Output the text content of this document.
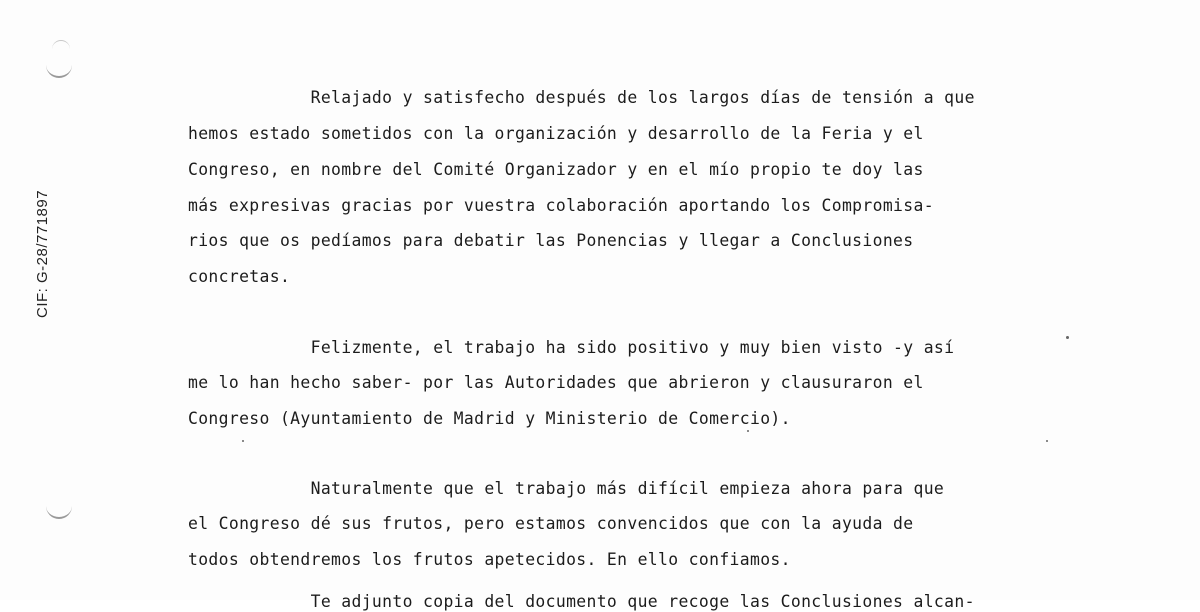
CIF: G-28/771897
Relajado y satisfecho después de los largos días de tensión a que
hemos estado sometidos con la organización y desarrollo de la Feria y el
Congreso, en nombre del Comité Organizador y en el mío propio te doy las
más expresivas gracias por vuestra colaboración aportando los Compromisa-
rios que os pedíamos para debatir las Ponencias y llegar a Conclusiones
concretas.
Felizmente, el trabajo ha sido positivo y muy bien visto -y así
me lo han hecho saber- por las Autoridades que abrieron y clausuraron el
Congreso (Ayuntamiento de Madrid y Ministerio de Comercio).
Naturalmente que el trabajo más difícil empieza ahora para que
el Congreso dé sus frutos, pero estamos convencidos que con la ayuda de
todos obtendremos los frutos apetecidos. En ello confiamos.
Te adjunto copia del documento que recoge las Conclusiones alcan-
